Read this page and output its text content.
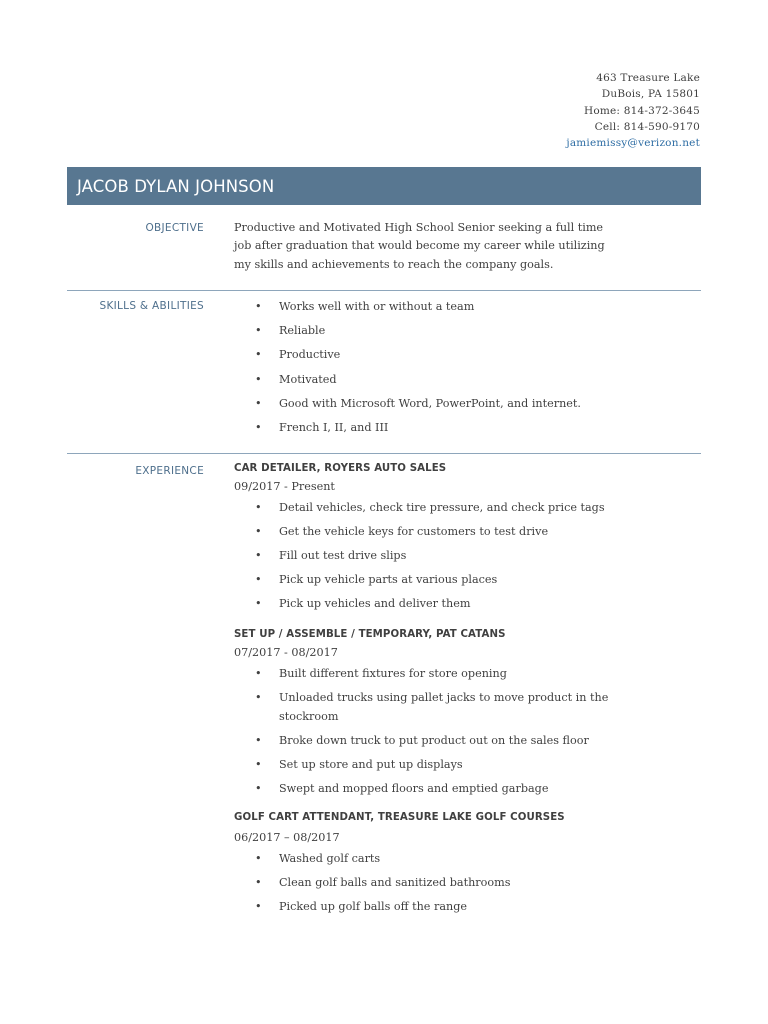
463 Treasure Lake
DuBois, PA 15801
Home: 814-372-3645
Cell: 814-590-9170
jamiemissy@verizon.net
JACOB DYLAN JOHNSON
OBJECTIVE	Productive and Motivated High School Senior seeking a full time job after graduation that would become my career while utilizing my skills and achievements to reach the company goals.
SKILLS & ABILITIES	• Works well with or without a team
• Reliable
• Productive
• Motivated
• Good with Microsoft Word, PowerPoint, and internet.
• French I, II, and III
EXPERIENCE	CAR DETAILER, ROYERS AUTO SALES
09/2017 - Present
• Detail vehicles, check tire pressure, and check price tags
• Get the vehicle keys for customers to test drive
• Fill out test drive slips
• Pick up vehicle parts at various places
• Pick up vehicles and deliver them
SET UP / ASSEMBLE / TEMPORARY, PAT CATANS
07/2017 - 08/2017
• Built different fixtures for store opening
• Unloaded trucks using pallet jacks to move product in the stockroom
• Broke down truck to put product out on the sales floor
• Set up store and put up displays
• Swept and mopped floors and emptied garbage
GOLF CART ATTENDANT, TREASURE LAKE GOLF COURSES
06/2017 – 08/2017
• Washed golf carts
• Clean golf balls and sanitized bathrooms
• Picked up golf balls off the range
